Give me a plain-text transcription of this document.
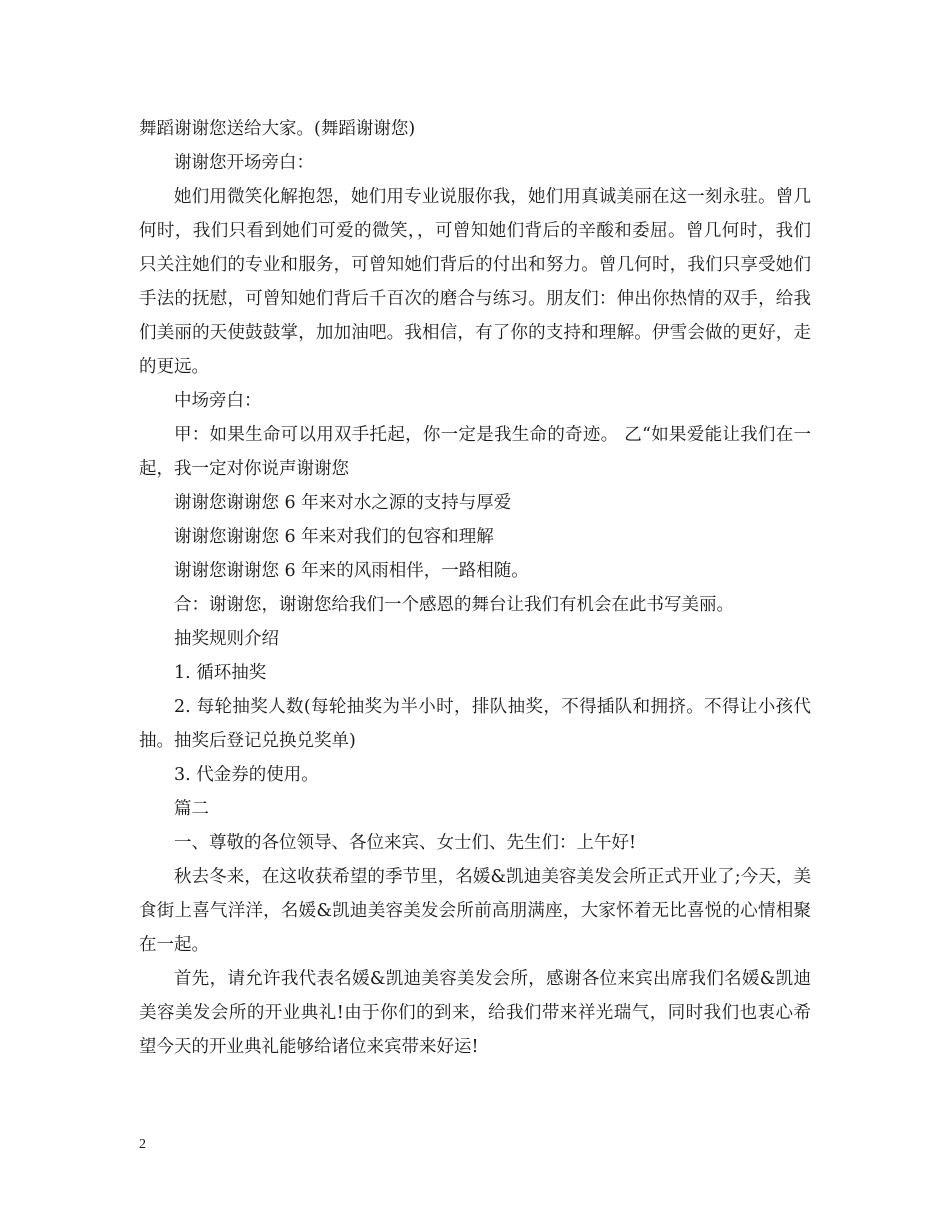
舞蹈谢谢您送给大家。(舞蹈谢谢您)

谢谢您开场旁白：

她们用微笑化解抱怨，她们用专业说服你我，她们用真诚美丽在这一刻永驻。曾几何时，我们只看到她们可爱的微笑，，可曾知她们背后的辛酸和委屈。曾几何时，我们只关注她们的专业和服务，可曾知她们背后的付出和努力。曾几何时，我们只享受她们手法的抚慰，可曾知她们背后千百次的磨合与练习。朋友们：伸出你热情的双手，给我们美丽的天使鼓鼓掌，加加油吧。我相信，有了你的支持和理解。伊雪会做的更好，走的更远。

中场旁白：

甲：如果生命可以用双手托起，你一定是我生命的奇迹。 乙“如果爱能让我们在一起，我一定对你说声谢谢您

谢谢您谢谢您 6 年来对水之源的支持与厚爱

谢谢您谢谢您 6 年来对我们的包容和理解

谢谢您谢谢您 6 年来的风雨相伴，一路相随。

合：谢谢您，谢谢您给我们一个感恩的舞台让我们有机会在此书写美丽。

抽奖规则介绍

1. 循环抽奖

2. 每轮抽奖人数(每轮抽奖为半小时，排队抽奖，不得插队和拥挤。不得让小孩代抽。抽奖后登记兑换兑奖单)

3. 代金券的使用。

篇二

一、尊敬的各位领导、各位来宾、女士们、先生们：上午好!

秋去冬来，在这收获希望的季节里，名媛&凯迪美容美发会所正式开业了;今天，美食街上喜气洋洋，名媛&凯迪美容美发会所前高朋满座，大家怀着无比喜悦的心情相聚在一起。

首先，请允许我代表名媛&凯迪美容美发会所，感谢各位来宾出席我们名媛&凯迪美容美发会所的开业典礼!由于你们的到来，给我们带来祥光瑞气，同时我们也衷心希望今天的开业典礼能够给诸位来宾带来好运!

2
